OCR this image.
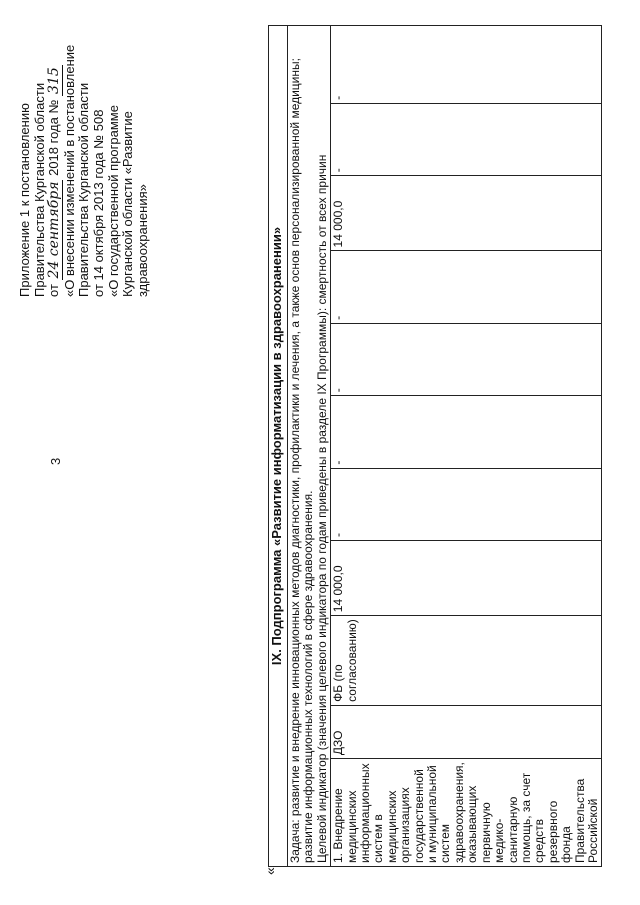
3
Приложение 1 к постановлению Правительства Курганской области от 24 сентября 2018 года № 315 «О внесении изменений в постановление Правительства Курганской области от 14 октября 2013 года № 508 «О государственной программе Курганской области «Развитие здравоохранения»
«
IX. Подпрограмма «Развитие информатизации в здравоохранении»
Задача: развитие и внедрение инновационных методов диагностики, профилактики и лечения, а также основ персонализированной медицины; развитие информационных технологий в сфере здравоохранения.
Целевой индикатор (значения целевого индикатора по годам приведены в разделе IX Программы): смертность от всех причин
1. Внедрение медицинских информационных систем в медицинских организациях государственной и муниципальной систем здравоохранения, оказывающих первичную медико-санитарную помощь, за счет средств резервного фонда Правительства Российской	ДЗО	ФБ (по согласованию)	14 000,0	-	-	-	-	14 000,0	-	-
